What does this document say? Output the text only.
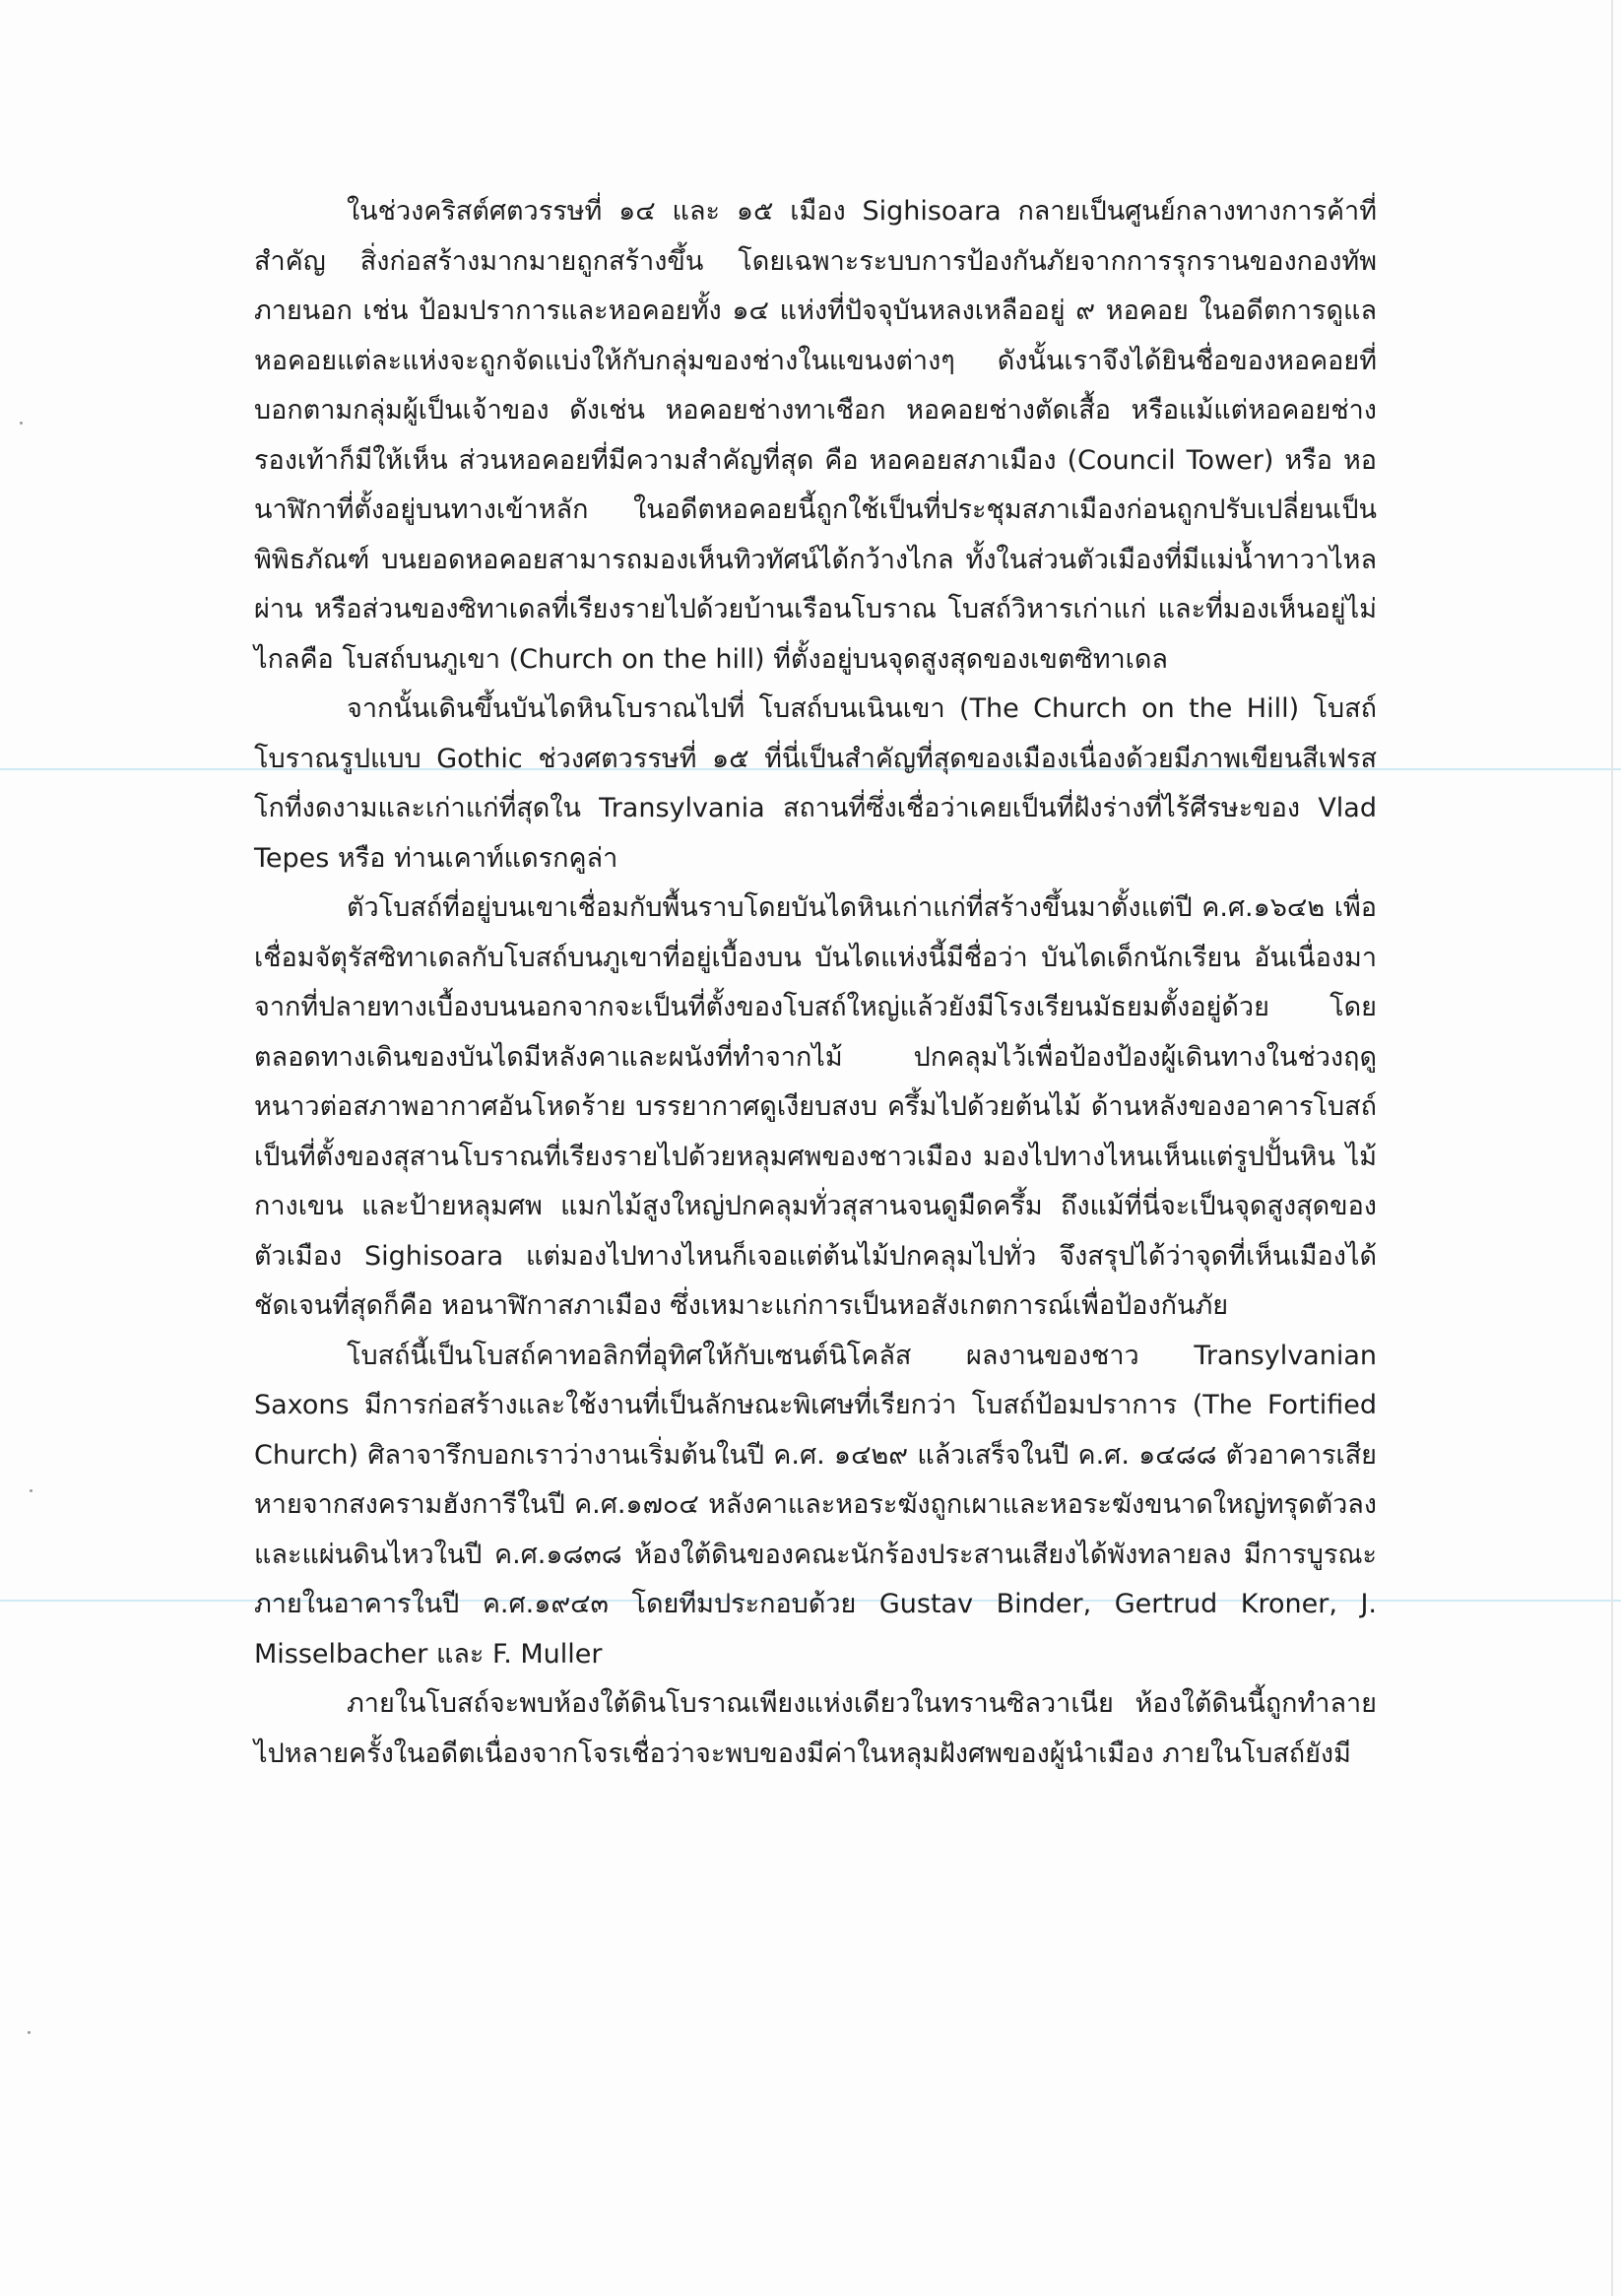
ในช่วงคริสต์ศตวรรษที่ ๑๔ และ ๑๕ เมือง Sighisoara กลายเป็นศูนย์กลางทางการค้าที่สำคัญ สิ่งก่อสร้างมากมายถูกสร้างขึ้น โดยเฉพาะระบบการป้องกันภัยจากการรุกรานของกองทัพภายนอก เช่น ป้อมปราการและหอคอยทั้ง ๑๔ แห่งที่ปัจจุบันหลงเหลืออยู่ ๙ หอคอย ในอดีตการดูแลหอคอยแต่ละแห่งจะถูกจัดแบ่งให้กับกลุ่มของช่างในแขนงต่างๆ ดังนั้นเราจึงได้ยินชื่อของหอคอยที่บอกตามกลุ่มผู้เป็นเจ้าของ ดังเช่น หอคอยช่างทาเชือก หอคอยช่างตัดเสื้อ หรือแม้แต่หอคอยช่างรองเท้าก็มีให้เห็น ส่วนหอคอยที่มีความสำคัญที่สุด คือ หอคอยสภาเมือง (Council Tower) หรือ หอนาฬิกาที่ตั้งอยู่บนทางเข้าหลัก ในอดีตหอคอยนี้ถูกใช้เป็นที่ประชุมสภาเมืองก่อนถูกปรับเปลี่ยนเป็นพิพิธภัณฑ์ บนยอดหอคอยสามารถมองเห็นทิวทัศน์ได้กว้างไกล ทั้งในส่วนตัวเมืองที่มีแม่น้ำทาวาไหลผ่าน หรือส่วนของซิทาเดลที่เรียงรายไปด้วยบ้านเรือนโบราณ โบสถ์วิหารเก่าแก่ และที่มองเห็นอยู่ไม่ไกลคือ โบสถ์บนภูเขา (Church on the hill) ที่ตั้งอยู่บนจุดสูงสุดของเขตซิทาเดล

จากนั้นเดินขึ้นบันไดหินโบราณไปที่ โบสถ์บนเนินเขา (The Church on the Hill) โบสถ์โบราณรูปแบบ Gothic ช่วงศตวรรษที่ ๑๕ ที่นี่เป็นสำคัญที่สุดของเมืองเนื่องด้วยมีภาพเขียนสีเฟรสโกที่งดงามและเก่าแก่ที่สุดใน Transylvania สถานที่ซึ่งเชื่อว่าเคยเป็นที่ฝังร่างที่ไร้ศีรษะของ Vlad Tepes หรือ ท่านเคาท์แดรกคูล่า

ตัวโบสถ์ที่อยู่บนเขาเชื่อมกับพื้นราบโดยบันไดหินเก่าแก่ที่สร้างขึ้นมาตั้งแต่ปี ค.ศ.๑๖๔๒ เพื่อเชื่อมจัตุรัสซิทาเดลกับโบสถ์บนภูเขาที่อยู่เบื้องบน บันไดแห่งนี้มีชื่อว่า บันไดเด็กนักเรียน อันเนื่องมาจากที่ปลายทางเบื้องบนนอกจากจะเป็นที่ตั้งของโบสถ์ใหญ่แล้วยังมีโรงเรียนมัธยมตั้งอยู่ด้วย โดยตลอดทางเดินของบันไดมีหลังคาและผนังที่ทำจากไม้ ปกคลุมไว้เพื่อป้องป้องผู้เดินทางในช่วงฤดูหนาวต่อสภาพอากาศอันโหดร้าย บรรยากาศดูเงียบสงบ ครึ้มไปด้วยต้นไม้ ด้านหลังของอาคารโบสถ์เป็นที่ตั้งของสุสานโบราณที่เรียงรายไปด้วยหลุมศพของชาวเมือง มองไปทางไหนเห็นแต่รูปปั้นหิน ไม้กางเขน และป้ายหลุมศพ แมกไม้สูงใหญ่ปกคลุมทั่วสุสานจนดูมืดครึ้ม ถึงแม้ที่นี่จะเป็นจุดสูงสุดของตัวเมือง Sighisoara แต่มองไปทางไหนก็เจอแต่ต้นไม้ปกคลุมไปทั่ว จึงสรุปได้ว่าจุดที่เห็นเมืองได้ชัดเจนที่สุดก็คือ หอนาฬิกาสภาเมือง ซึ่งเหมาะแก่การเป็นหอสังเกตการณ์เพื่อป้องกันภัย

โบสถ์นี้เป็นโบสถ์คาทอลิกที่อุทิศให้กับเซนต์นิโคลัส ผลงานของชาว Transylvanian Saxons มีการก่อสร้างและใช้งานที่เป็นลักษณะพิเศษที่เรียกว่า โบสถ์ป้อมปราการ (The Fortified Church) ศิลาจารึกบอกเราว่างานเริ่มต้นในปี ค.ศ. ๑๔๒๙ แล้วเสร็จในปี ค.ศ. ๑๔๘๘ ตัวอาคารเสียหายจากสงครามฮังการีในปี ค.ศ.๑๗๐๔ หลังคาและหอระฆังถูกเผาและหอระฆังขนาดใหญ่ทรุดตัวลง และแผ่นดินไหวในปี ค.ศ.๑๘๓๘ ห้องใต้ดินของคณะนักร้องประสานเสียงได้พังทลายลง มีการบูรณะภายในอาคารในปี ค.ศ.๑๙๔๓ โดยทีมประกอบด้วย Gustav Binder, Gertrud Kroner, J. Misselbacher และ F. Muller

ภายในโบสถ์จะพบห้องใต้ดินโบราณเพียงแห่งเดียวในทรานซิลวาเนีย ห้องใต้ดินนี้ถูกทำลายไปหลายครั้งในอดีตเนื่องจากโจรเชื่อว่าจะพบของมีค่าในหลุมฝังศพของผู้นำเมือง ภายในโบสถ์ยังมี
